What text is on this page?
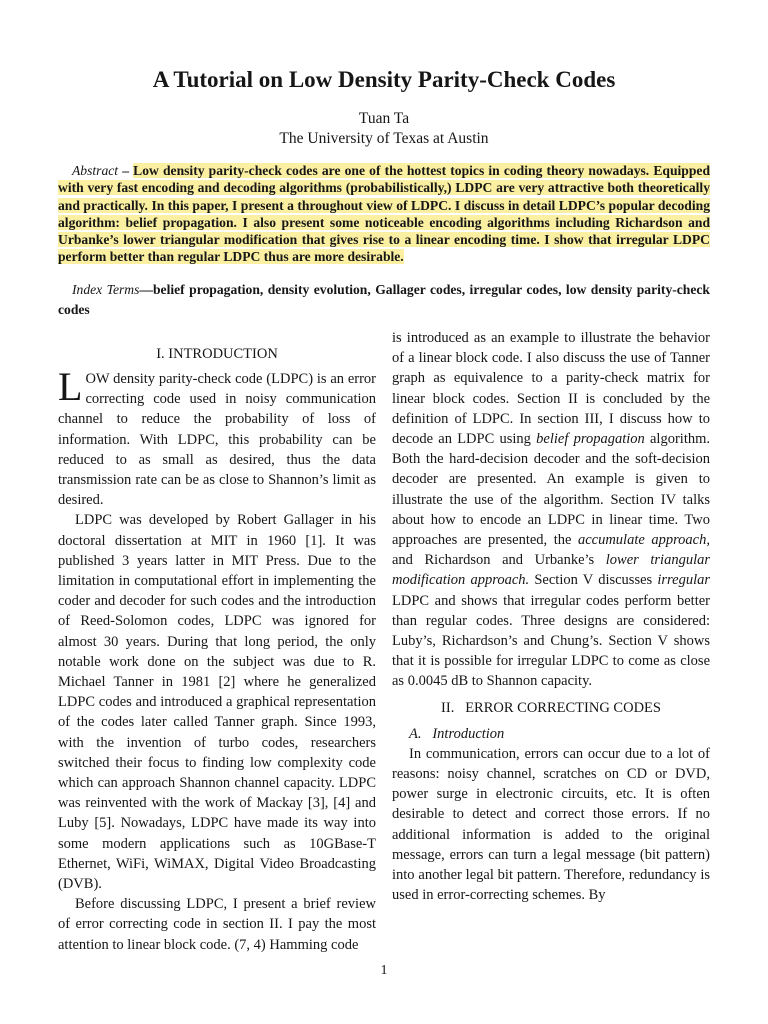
A Tutorial on Low Density Parity-Check Codes
Tuan Ta
The University of Texas at Austin
Abstract – Low density parity-check codes are one of the hottest topics in coding theory nowadays. Equipped with very fast encoding and decoding algorithms (probabilistically,) LDPC are very attractive both theoretically and practically. In this paper, I present a throughout view of LDPC. I discuss in detail LDPC’s popular decoding algorithm: belief propagation. I also present some noticeable encoding algorithms including Richardson and Urbanke’s lower triangular modification that gives rise to a linear encoding time. I show that irregular LDPC perform better than regular LDPC thus are more desirable.
Index Terms—belief propagation, density evolution, Gallager codes, irregular codes, low density parity-check codes
I. INTRODUCTION

LOW density parity-check code (LDPC) is an error correcting code used in noisy communication channel to reduce the probability of loss of information. With LDPC, this probability can be reduced to as small as desired, thus the data transmission rate can be as close to Shannon’s limit as desired.

LDPC was developed by Robert Gallager in his doctoral dissertation at MIT in 1960 [1]. It was published 3 years latter in MIT Press. Due to the limitation in computational effort in implementing the coder and decoder for such codes and the introduction of Reed-Solomon codes, LDPC was ignored for almost 30 years. During that long period, the only notable work done on the subject was due to R. Michael Tanner in 1981 [2] where he generalized LDPC codes and introduced a graphical representation of the codes later called Tanner graph. Since 1993, with the invention of turbo codes, researchers switched their focus to finding low complexity code which can approach Shannon channel capacity. LDPC was reinvented with the work of Mackay [3], [4] and Luby [5]. Nowadays, LDPC have made its way into some modern applications such as 10GBase-T Ethernet, WiFi, WiMAX, Digital Video Broadcasting (DVB).

Before discussing LDPC, I present a brief review of error correcting code in section II. I pay the most attention to linear block code. (7, 4) Hamming code

is introduced as an example to illustrate the behavior of a linear block code. I also discuss the use of Tanner graph as equivalence to a parity-check matrix for linear block codes. Section II is concluded by the definition of LDPC. In section III, I discuss how to decode an LDPC using belief propagation algorithm. Both the hard-decision decoder and the soft-decision decoder are presented. An example is given to illustrate the use of the algorithm. Section IV talks about how to encode an LDPC in linear time. Two approaches are presented, the accumulate approach, and Richardson and Urbanke’s lower triangular modification approach. Section V discusses irregular LDPC and shows that irregular codes perform better than regular codes. Three designs are considered: Luby’s, Richardson’s and Chung’s. Section V shows that it is possible for irregular LDPC to come as close as 0.0045 dB to Shannon capacity.

II.   ERROR CORRECTING CODES

A.   Introduction

In communication, errors can occur due to a lot of reasons: noisy channel, scratches on CD or DVD, power surge in electronic circuits, etc. It is often desirable to detect and correct those errors. If no additional information is added to the original message, errors can turn a legal message (bit pattern) into another legal bit pattern. Therefore, redundancy is used in error-correcting schemes. By

1
